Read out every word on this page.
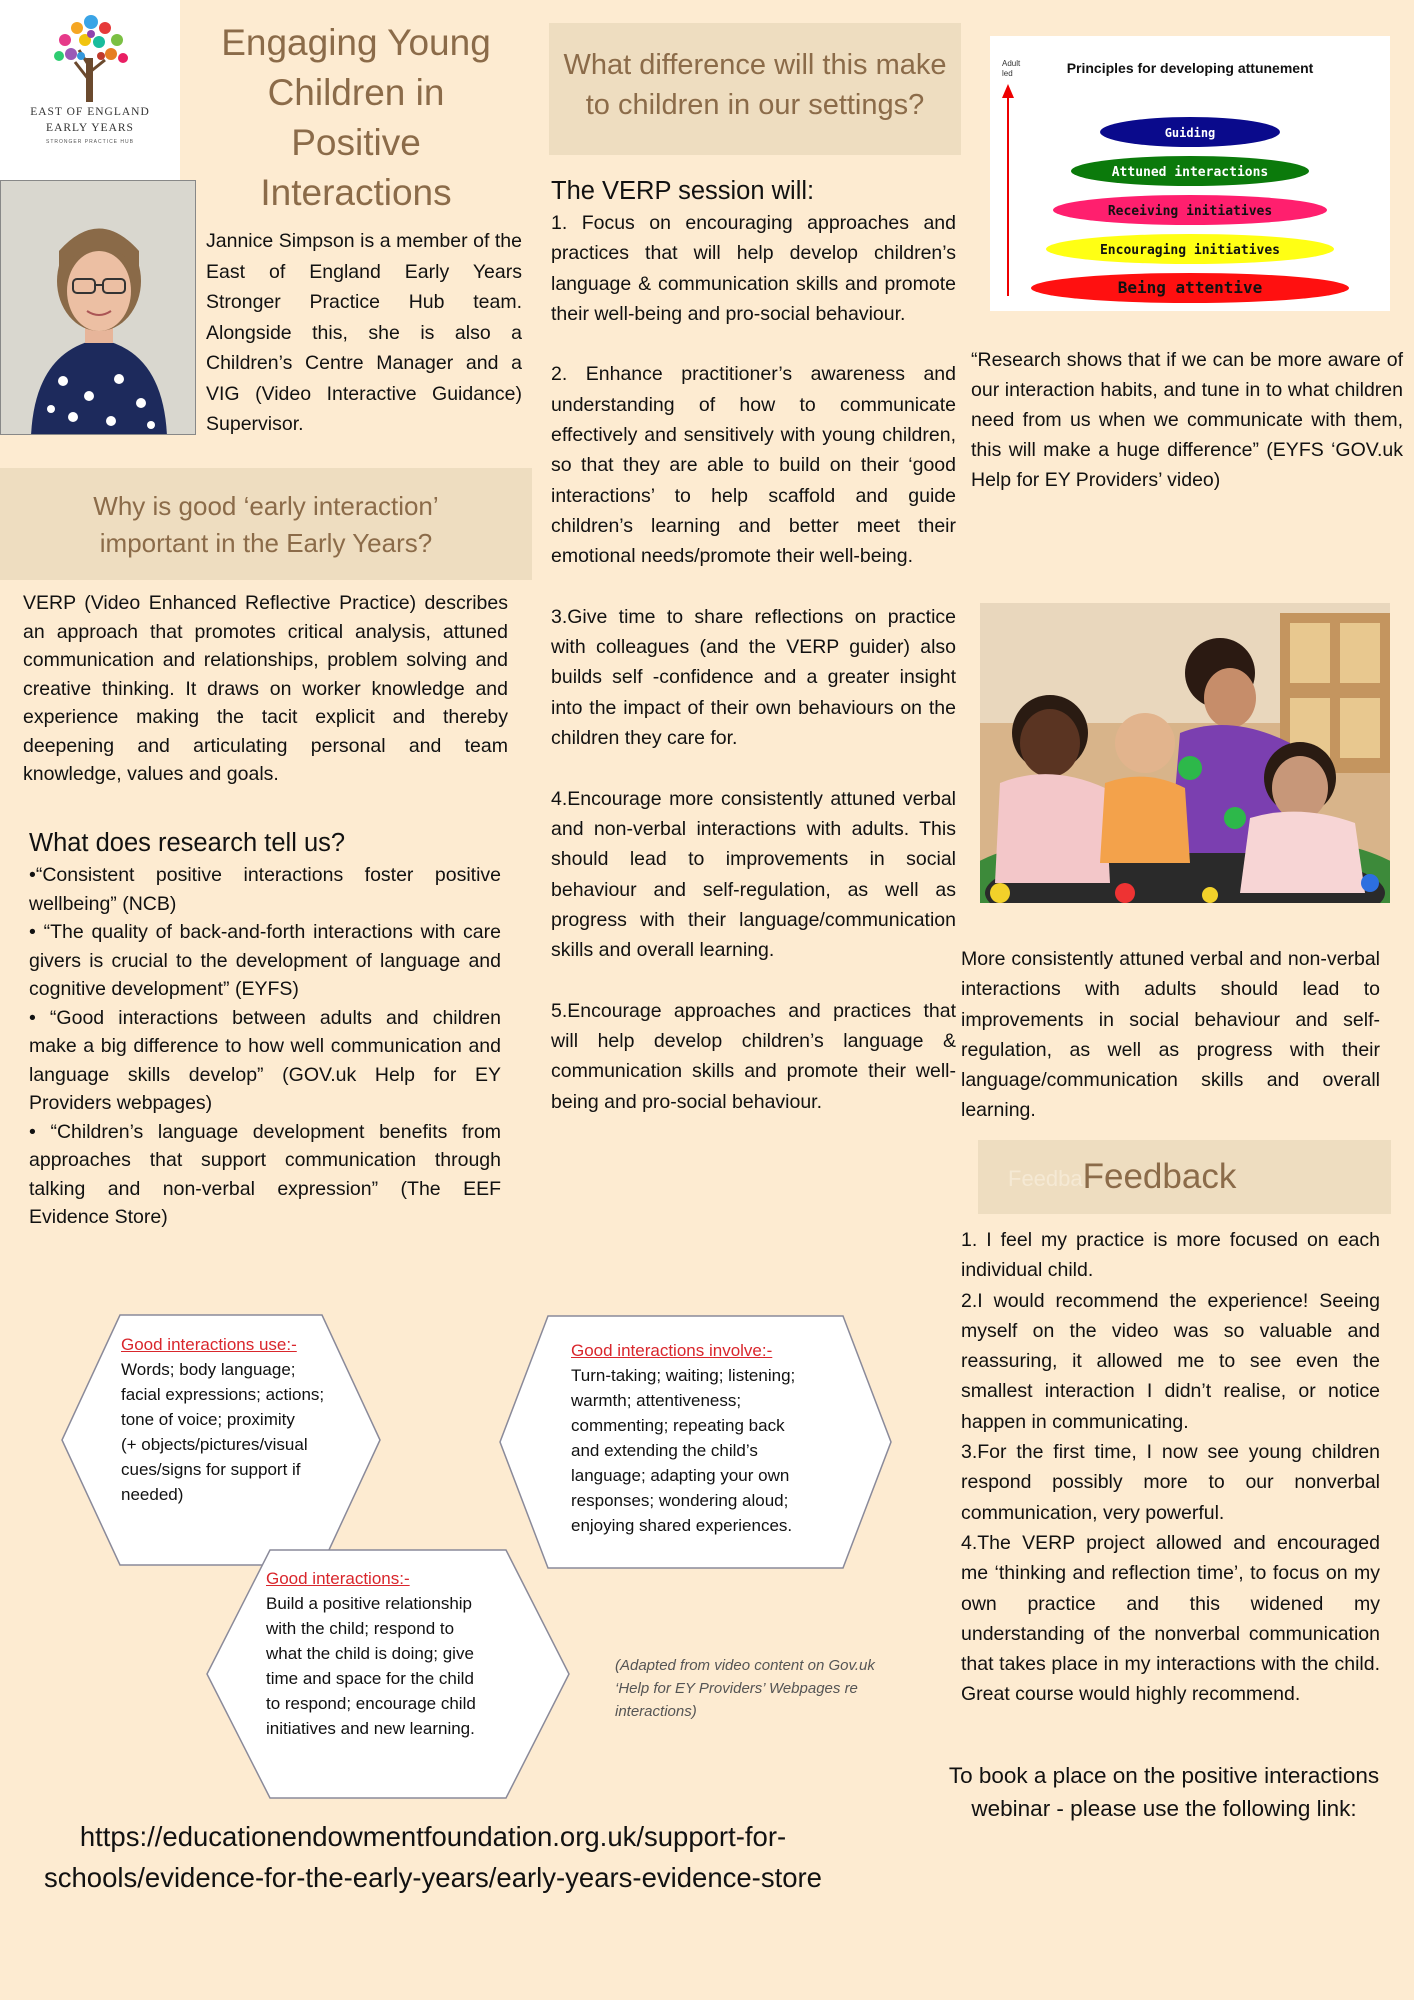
EAST OF ENGLAND
EARLY YEARS
STRONGER PRACTICE HUB
Engaging Young Children in Positive Interactions
Jannice Simpson is a member of the East of England Early Years Stronger Practice Hub team. Alongside this, she is also a Children’s Centre Manager and a VIG (Video Interactive Guidance) Supervisor.
Why is good ‘early interaction’
important in the Early Years?
VERP (Video Enhanced Reflective Practice) describes an approach that promotes critical analysis, attuned communication and relationships, problem solving and creative thinking. It draws on worker knowledge and experience making the tacit explicit and thereby deepening and articulating personal and team knowledge, values and goals.
What does research tell us?

•“Consistent positive interactions foster positive wellbeing” (NCB)

• “The quality of back-and-forth interactions with care givers is crucial to the development of language and cognitive development” (EYFS)

• “Good interactions between adults and children make a big difference to how well communication and language skills develop” (GOV.uk Help for EY Providers webpages)

• “Children’s language development benefits from approaches that support communication through talking and non-verbal expression” (The EEF Evidence Store)

What difference will this make
to children in our settings?
The VERP session will:

1. Focus on encouraging approaches and practices that will help develop children’s language & communication skills and promote their well-being and pro-social behaviour.

2. Enhance practitioner’s awareness and understanding of how to communicate effectively and sensitively with young children, so that they are able to build on their ‘good interactions’ to help scaffold and guide children’s learning and better meet their emotional needs/promote their well-being.

3.Give time to share reflections on practice with colleagues (and the VERP guider) also builds self -confidence and a greater insight into the impact of their own behaviours on the children they care for.

4.Encourage more consistently attuned verbal and non-verbal interactions with adults. This should lead to improvements in social behaviour and self-regulation, as well as progress with their language/communication skills and overall learning.

5.Encourage approaches and practices that will help develop children’s language & communication skills and promote their well-being and pro-social behaviour.

Adult
led	Principles for developing attunement
Guiding
Attuned interactions
Receiving initiatives
Encouraging initiatives
Being attentive
“Research shows that if we can be more aware of our interaction habits, and tune in to what children need from us when we communicate with them, this will make a huge difference” (EYFS ‘GOV.uk Help for EY Providers’ video)
More consistently attuned verbal and non-verbal interactions with adults should lead to improvements in social behaviour and self-regulation, as well as progress with their language/communication skills and overall learning.
FeedbaFeedback

1. I feel my practice is more focused on each individual child.

2.I would recommend the experience! Seeing myself on the video was so valuable and reassuring, it allowed me to see even the smallest interaction I didn’t realise, or notice happen in communicating.

3.For the first time, I now see young children respond possibly more to our nonverbal communication, very powerful.

4.The VERP project allowed and encouraged me ‘thinking and reflection time’, to focus on my own practice and this widened my understanding of the nonverbal communication that takes place in my interactions with the child. Great course would highly recommend.

Good interactions use:-
Words; body language;
facial expressions; actions;
tone of voice; proximity
(+ objects/pictures/visual
cues/signs for support if
needed)
Good interactions involve:-
Turn-taking; waiting; listening;
warmth; attentiveness;
commenting; repeating back
and extending the child’s
language; adapting your own
responses; wondering aloud;
enjoying shared experiences.
Good interactions:-
Build a positive relationship
with the child; respond to
what the child is doing; give
time and space for the child
to respond; encourage child
initiatives and new learning.
(Adapted from video content on Gov.uk ‘Help for EY Providers’ Webpages re interactions)
To book a place on the positive interactions webinar - please use the following link:
https://educationendowmentfoundation.org.uk/support-for-schools/evidence-for-the-early-years/early-years-evidence-store
